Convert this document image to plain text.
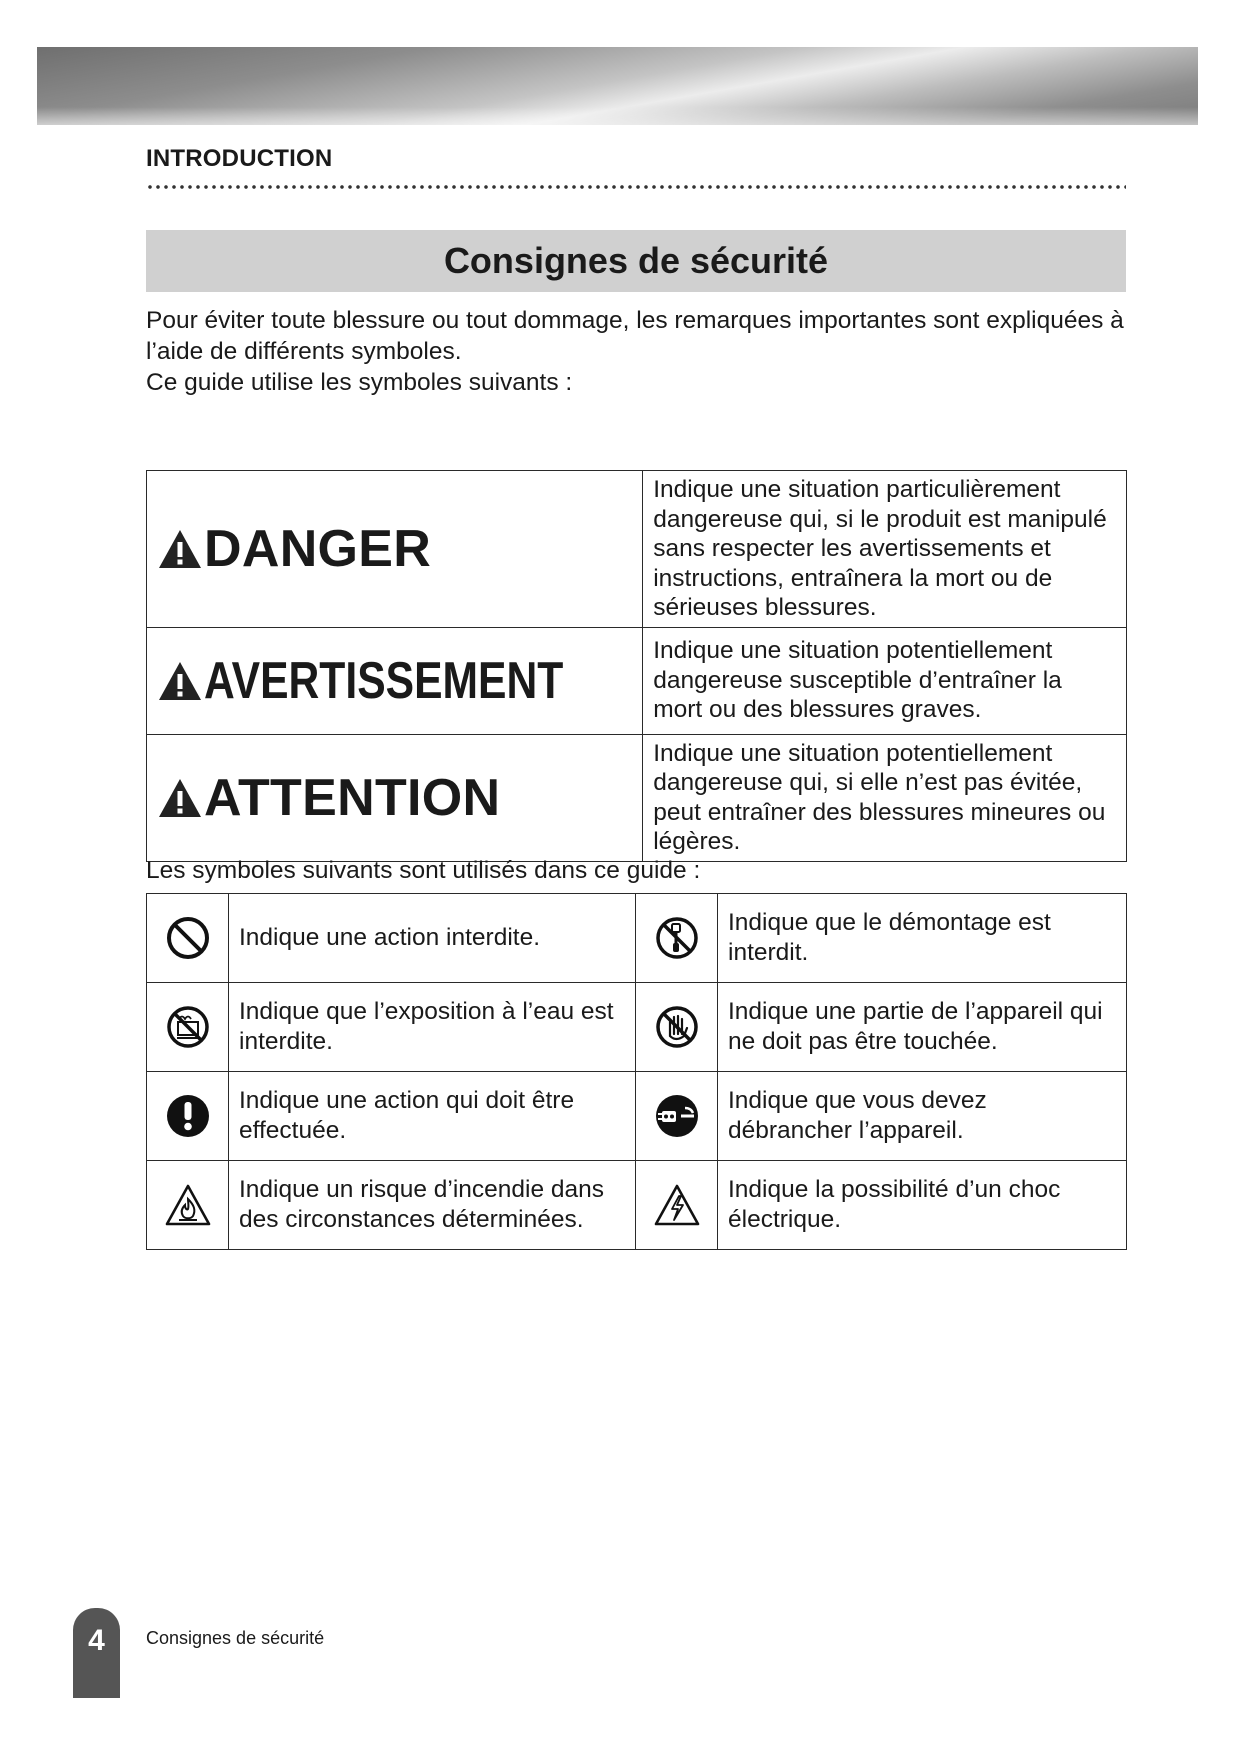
INTRODUCTION
Consignes de sécurité
Pour éviter toute blessure ou tout dommage, les remarques importantes sont expliquées à
l’aide de différents symboles.
Ce guide utilise les symboles suivants :
DANGER	Indique une situation particulièrement dangereuse qui, si le produit est manipulé sans respecter les avertissements et instructions, entraînera la mort ou de sérieuses blessures.

AVERTISSEMENT	Indique une situation potentiellement dangereuse susceptible d’entraîner la mort ou des blessures graves.

ATTENTION	Indique une situation potentiellement dangereuse qui, si elle n’est pas évitée, peut entraîner des blessures mineures ou légères.
Les symboles suivants sont utilisés dans ce guide :
	Indique une action interdite.		Indique que le démontage est interdit.
	Indique que l’exposition à l’eau est interdite.		Indique une partie de l’appareil qui ne doit pas être touchée.
	Indique une action qui doit être effectuée.		Indique que vous devez débrancher l’appareil.
	Indique un risque d’incendie dans des circonstances déterminées.		Indique la possibilité d’un choc électrique.
4 Consignes de sécurité
